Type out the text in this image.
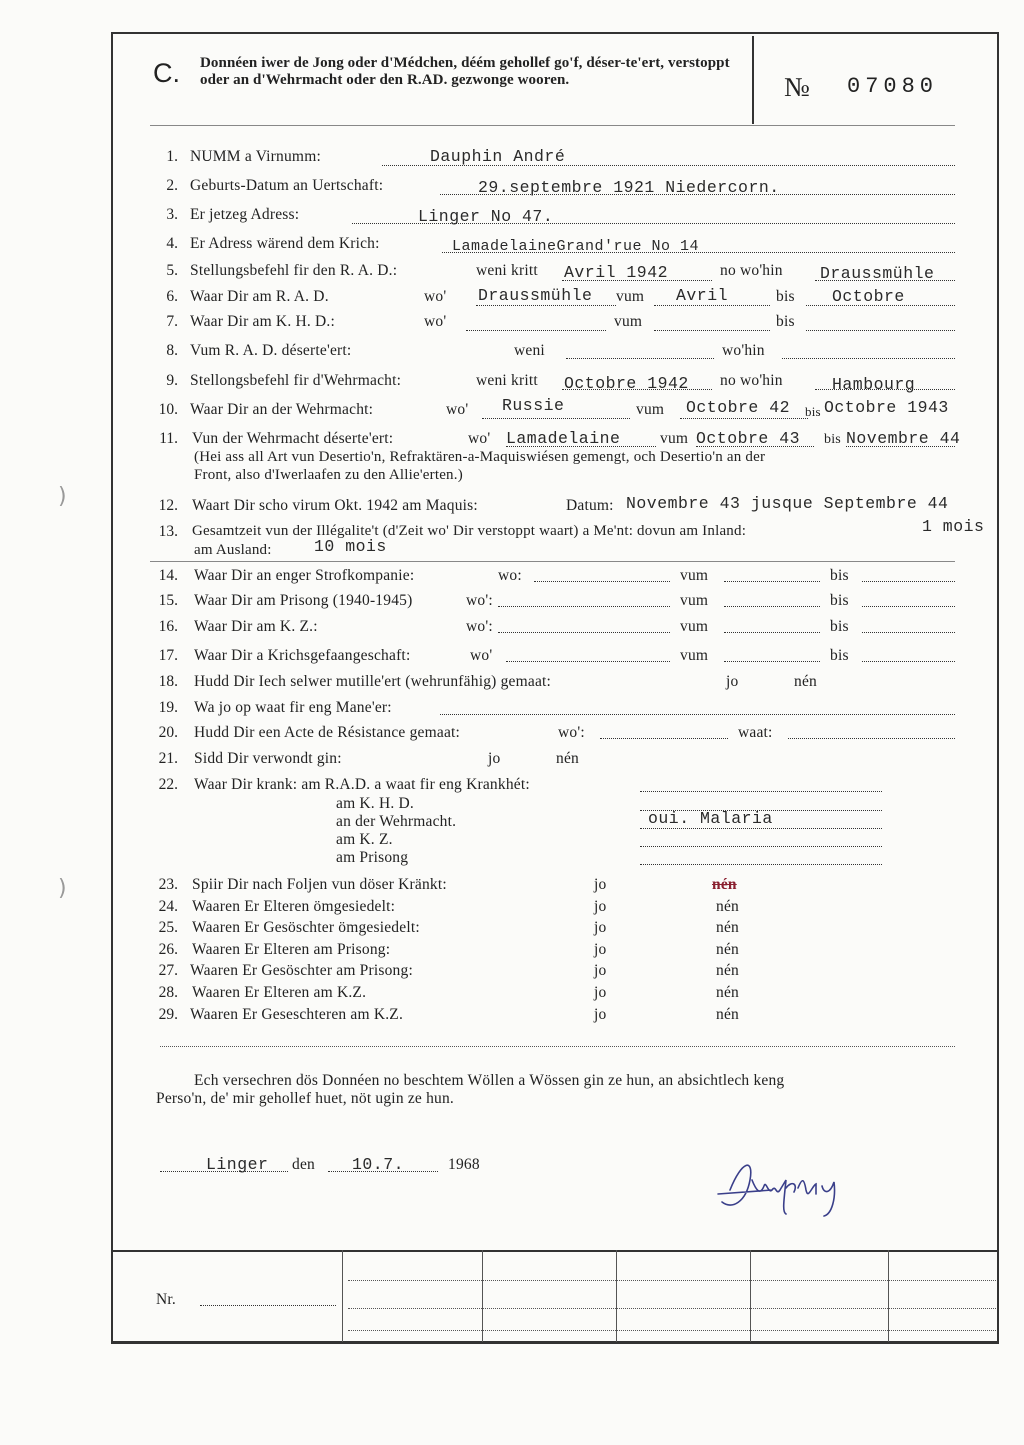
)
)
C. Donnéen iwer de Jong oder d'Médchen, déém gehollef go'f, déser-te'ert, verstoppt oder an d'Wehrmacht oder den R.AD. gezwonge wooren.	№ 07080
1. NUMM a Virnumm:	Dauphin André
2. Geburts-Datum an Uertschaft:	29.septembre 1921 Niedercorn.
3. Er jetzeg Adress:	Linger No 47.
4. Er Adress wärend dem Krich:	LamadelaineGrand'rue No 14
5. Stellungsbefehl fir den R. A. D.:	weni kritt Avril 1942	no wo'hin Draussmühle
6. Waar Dir am R. A. D.	wo' Draussmühle vum Avril	bis Octobre
7. Waar Dir am K. H. D.:	wo'	vum	bis
8. Vum R. A. D. déserte'ert:	weni	wo'hin
9. Stellongsbefehl fir d'Wehrmacht:	weni kritt Octobre 1942 no wo'hin	Hambourg
10. Waar Dir an der Wehrmacht:	wo' Russie	vum Octobre 42 bis Octobre 1943
11. Vun der Wehrmacht déserte'ert:	wo' Lamadelaine	vum Octobre 43 bis Novembre 44
(Hei ass all Art vun Desertio'n, Refraktären-a-Maquiswiésen gemengt, och Desertio'n an der
Front, also d'Iwerlaafen zu den Allie'erten.)
12. Waart Dir scho virum Okt. 1942 am Maquis:	Datum: Novembre 43 jusque Septembre 44
13. Gesamtzeit vun der Illégalite't (d'Zeit wo' Dir verstoppt waart) a Me'nt: dovun am Inland:	1 mois
am Ausland:	10 mois
14. Waar Dir an enger Strofkompanie:	wo:	vum	bis
15. Waar Dir am Prisong (1940-1945)	wo':	vum	bis
16. Waar Dir am K. Z.:	wo':	vum	bis
17. Waar Dir a Krichsgefaangeschaft:	wo'	vum	bis
18. Hudd Dir Iech selwer mutille'ert (wehrunfähig) gemaat:	jo	nén
19. Wa jo op waat fir eng Mane'er:
20. Hudd Dir een Acte de Résistance gemaat:	wo':	waat:
21. Sidd Dir verwondt gin:	jo	nén
22. Waar Dir krank: am R.A.D. a waat fir eng Krankhét:
am K. H. D.
an der Wehrmacht.	oui. Malaria
am K. Z.
am Prisong
23. Spiir Dir nach Foljen vun döser Kränkt:	jo	nén
24. Waaren Er Elteren ömgesiedelt:	jo	nén
25. Waaren Er Gesöschter ömgesiedelt:	jo	nén
26. Waaren Er Elteren am Prisong:	jo	nén
27. Waaren Er Gesöschter am Prisong:	jo	nén
28. Waaren Er Elteren am K.Z.	jo	nén
29. Waaren Er Geseschteren am K.Z.	jo	nén
Ech versechren dös Donnéen no beschtem Wöllen a Wössen gin ze hun, an absichtlech keng
Perso'n, de' mir gehollef huet, nöt ugin ze hun.
Linger den 10.7.	1968
Nr.
